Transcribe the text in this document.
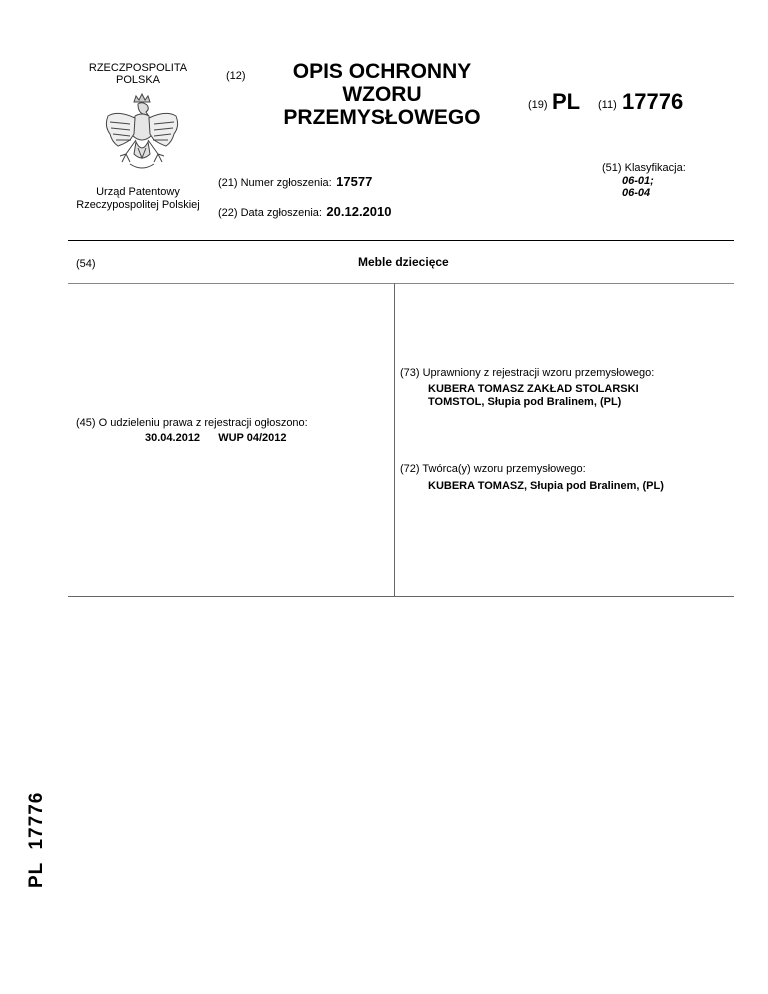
RZECZPOSPOLITA
POLSKA
Urząd Patentowy
Rzeczypospolitej Polskiej
(12)	OPIS OCHRONNY
WZORU
PRZEMYSŁOWEGO
(19) PL (11) 17776
(51) Klasyfikacja:
06-01;
06-04
(21) Numer zgłoszenia: 17577
(22) Data zgłoszenia: 20.12.2010
(54)	Meble dziecięce
(45) O udzieleniu prawa z rejestracji ogłoszono:
30.04.2012 WUP 04/2012
(73) Uprawniony z rejestracji wzoru przemysłowego:
KUBERA TOMASZ ZAKŁAD STOLARSKI
TOMSTOL, Słupia pod Bralinem, (PL)
(72) Twórca(y) wzoru przemysłowego:
KUBERA TOMASZ, Słupia pod Bralinem, (PL)
PL  17776
